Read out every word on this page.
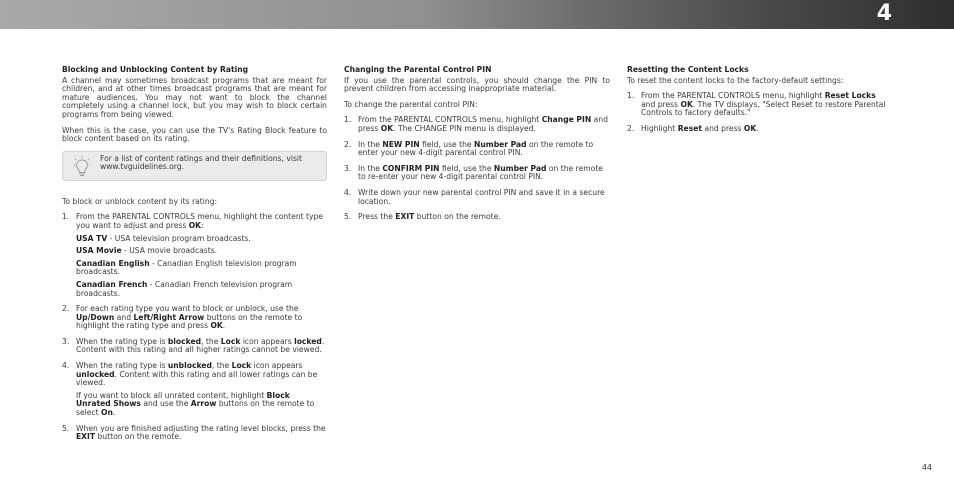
4
Blocking and Unblocking Content by Rating

A channel may sometimes broadcast programs that are meant for children, and at other times broadcast programs that are meant for mature audiences. You may not want to block the channel completely using a channel lock, but you may wish to block certain programs from being viewed.

When this is the case, you can use the TV's Rating Block feature to block content based on its rating.

For a list of content ratings and their definitions, visit www.tvguidelines.org.

To block or unblock content by its rating:

1. From the PARENTAL CONTROLS menu, highlight the content type you want to adjust and press OK:
USA TV - USA television program broadcasts.
USA Movie - USA movie broadcasts.
Canadian English - Canadian English television program broadcasts.
Canadian French - Canadian French television program broadcasts.
2. For each rating type you want to block or unblock, use the Up/Down and Left/Right Arrow buttons on the remote to highlight the rating type and press OK.
3. When the rating type is blocked, the Lock icon appears locked. Content with this rating and all higher ratings cannot be viewed.
4. When the rating type is unblocked, the Lock icon appears unlocked. Content with this rating and all lower ratings can be viewed.
If you want to block all unrated content, highlight Block Unrated Shows and use the Arrow buttons on the remote to select On.
5. When you are finished adjusting the rating level blocks, press the EXIT button on the remote.
Changing the Parental Control PIN

If you use the parental controls, you should change the PIN to prevent children from accessing inappropriate material.

To change the parental control PIN:

1. From the PARENTAL CONTROLS menu, highlight Change PIN and press OK. The CHANGE PIN menu is displayed.
2. In the NEW PIN field, use the Number Pad on the remote to enter your new 4-digit parental control PIN.
3. In the CONFIRM PIN field, use the Number Pad on the remote to re-enter your new 4-digit parental control PIN.
4. Write down your new parental control PIN and save it in a secure location.
5. Press the EXIT button on the remote.
Resetting the Content Locks

To reset the content locks to the factory-default settings:

1. From the PARENTAL CONTROLS menu, highlight Reset Locks and press OK. The TV displays, "Select Reset to restore Parental Controls to factory defaults."
2. Highlight Reset and press OK.
44
